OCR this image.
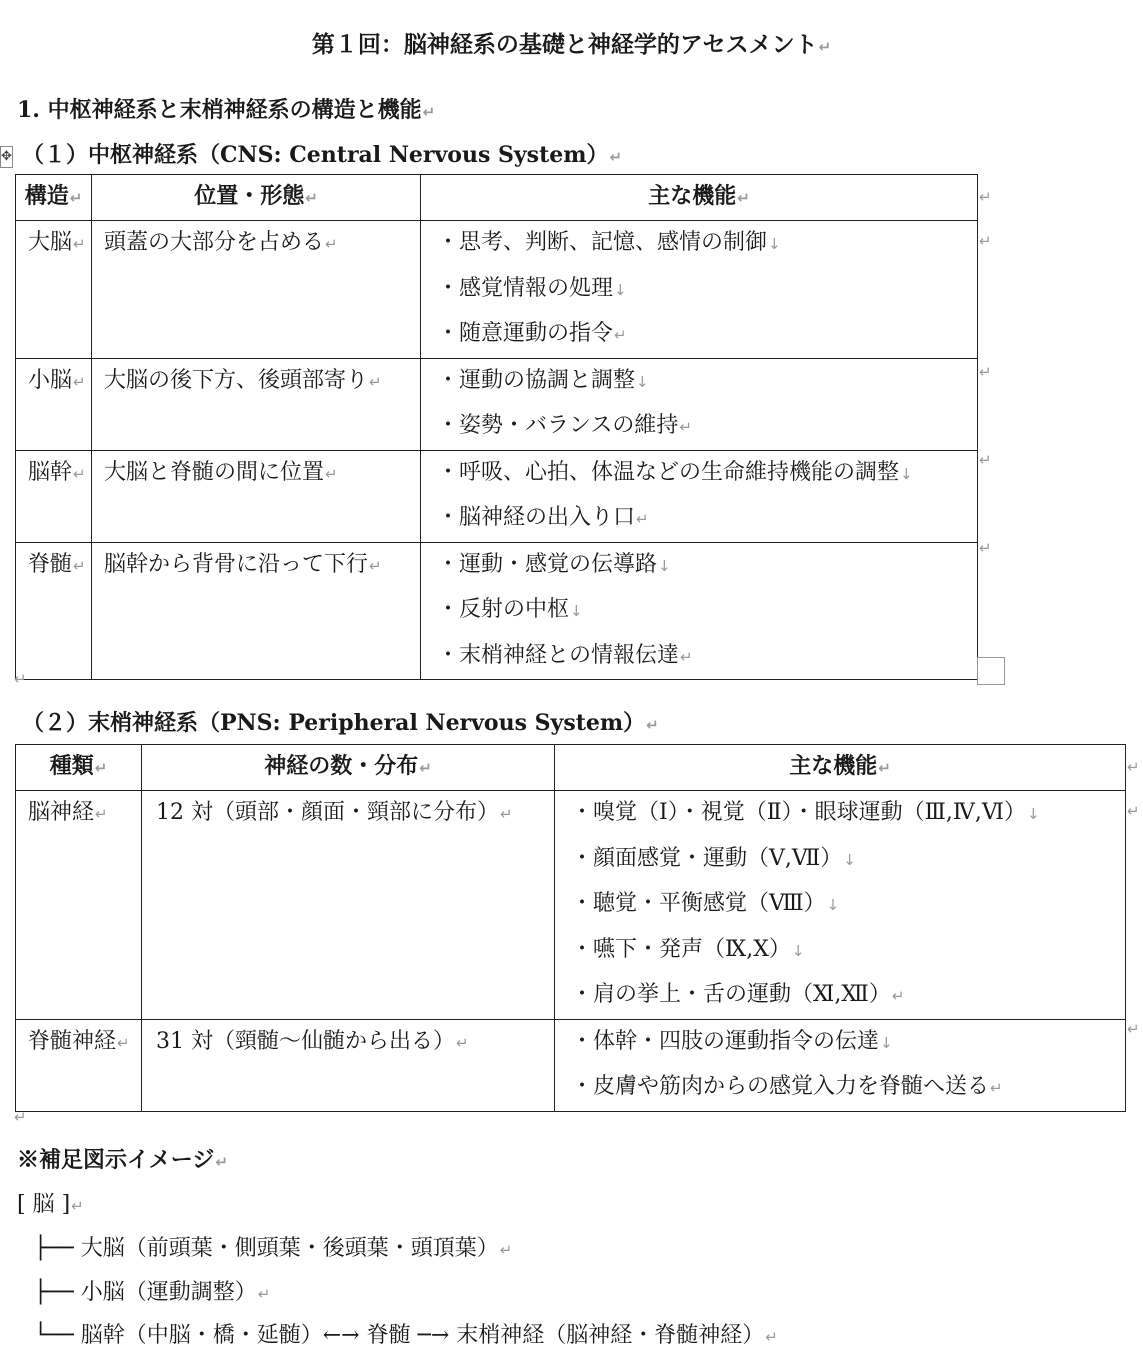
第１回：脳神経系の基礎と神経学的アセスメント↵
1. 中枢神経系と末梢神経系の構造と機能↵
✥ （１）中枢神経系（CNS: Central Nervous System）↵
構造↵	位置・形態↵	主な機能↵
大脳↵	頭蓋の大部分を占める↵	・思考、判断、記憶、感情の制御↓
・感覚情報の処理↓
・随意運動の指令↵

小脳↵	大脳の後下方、後頭部寄り↵	・運動の協調と調整↓
・姿勢・バランスの維持↵

脳幹↵	大脳と脊髄の間に位置↵	・呼吸、心拍、体温などの生命維持機能の調整↓
・脳神経の出入り口↵

脊髄↵	脳幹から背骨に沿って下行↵	・運動・感覚の伝導路↓
・反射の中枢↓
・末梢神経との情報伝達↵
↵
↵
↵
↵
↵
↵
（２）末梢神経系（PNS: Peripheral Nervous System）↵
種類↵	神経の数・分布↵	主な機能↵
脳神経↵	12 対（頭部・顔面・頸部に分布）↵	・嗅覚（Ⅰ）・視覚（Ⅱ）・眼球運動（Ⅲ,Ⅳ,Ⅵ）↓
・顔面感覚・運動（Ⅴ,Ⅶ）↓
・聴覚・平衡感覚（Ⅷ）↓
・嚥下・発声（Ⅸ,Ⅹ）↓
・肩の挙上・舌の運動（Ⅺ,Ⅻ）↵

脊髄神経↵	31 対（頸髄～仙髄から出る）↵	・体幹・四肢の運動指令の伝達↓
・皮膚や筋肉からの感覚入力を脊髄へ送る↵
↵
↵
↵
↵
※補足図示イメージ↵
[ 脳 ]↵
├── 大脳（前頭葉・側頭葉・後頭葉・頭頂葉）↵
├── 小脳（運動調整）↵
└── 脳幹（中脳・橋・延髄）←→ 脊髄 ─→ 末梢神経（脳神経・脊髄神経）↵
